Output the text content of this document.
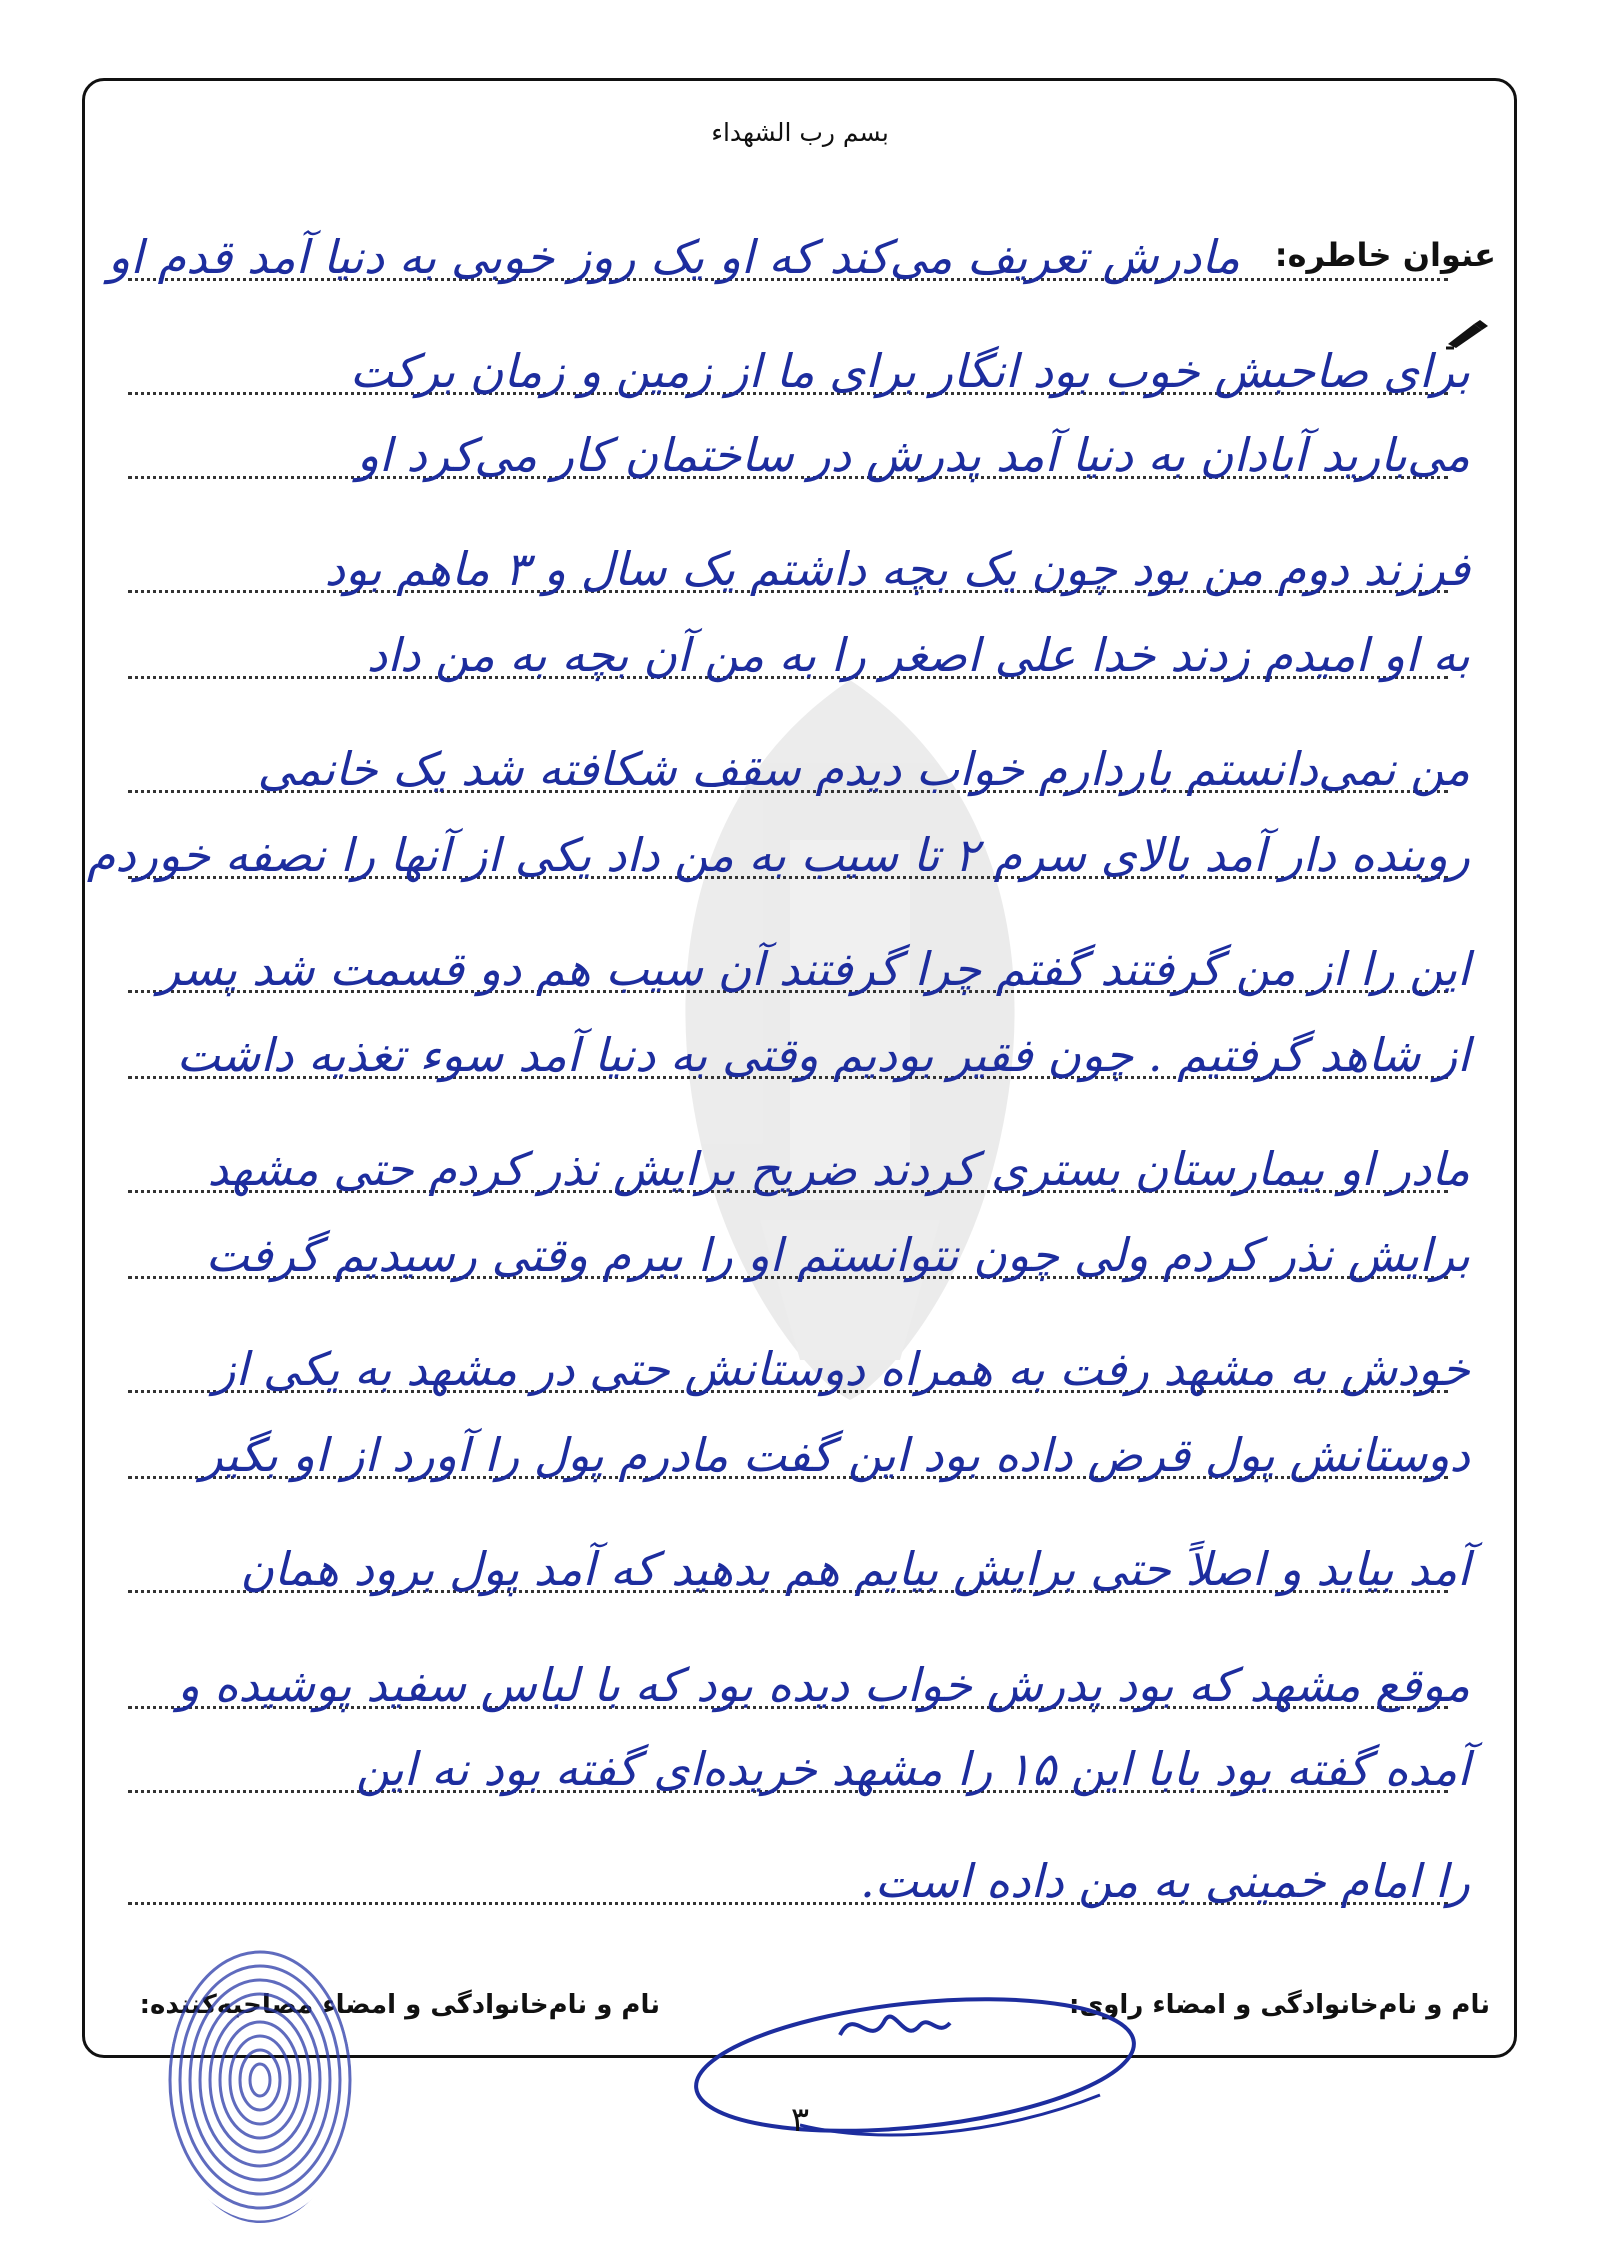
بسم رب الشهداء
عنوان خاطره:
مادرش تعریف می‌کند که او یک روز خوبی به دنیا آمد قدم او
برای صاحبش خوب بود انگار برای ما از زمین و زمان برکت
می‌بارید آبادان به دنیا آمد پدرش در ساختمان کار می‌کرد او
فرزند دوم من بود چون یک بچه داشتم یک سال و ۳ ماهم بود
به او امیدم زدند خدا علی اصغر را به من آن بچه به من داد
من نمی‌دانستم باردارم خواب دیدم سقف شکافته شد یک خانمی
روبنده دار آمد بالای سرم ۲ تا سیب به من داد یکی از آنها را نصفه خوردم
این را از من گرفتند گفتم چرا گرفتند آن سیب هم دو قسمت شد پسر
از شاهد گرفتیم . چون فقیر بودیم وقتی به دنیا آمد سوء تغذیه داشت
مادر او بیمارستان بستری کردند ضریح برایش نذر کردم حتی مشهد
برایش نذر کردم ولی چون نتوانستم او را ببرم وقتی رسیدیم گرفت
خودش به مشهد رفت به همراه دوستانش حتی در مشهد به یکی از
دوستانش پول قرض داده بود این گفت مادرم پول را آورد از او بگیر
آمد بیاید و اصلاً حتی برایش بیایم هم بدهید که آمد پول برود همان
موقع مشهد که بود پدرش خواب دیده بود که با لباس سفید پوشیده و
آمده گفته بود بابا این ۱۵ را مشهد خریده‌ای گفته بود نه این
را امام خمینی به من داده است.
نام و نام‌خانوادگی و امضاء راوی:
نام و نام‌خانوادگی و امضاء مصاحبه‌کننده:
۳
